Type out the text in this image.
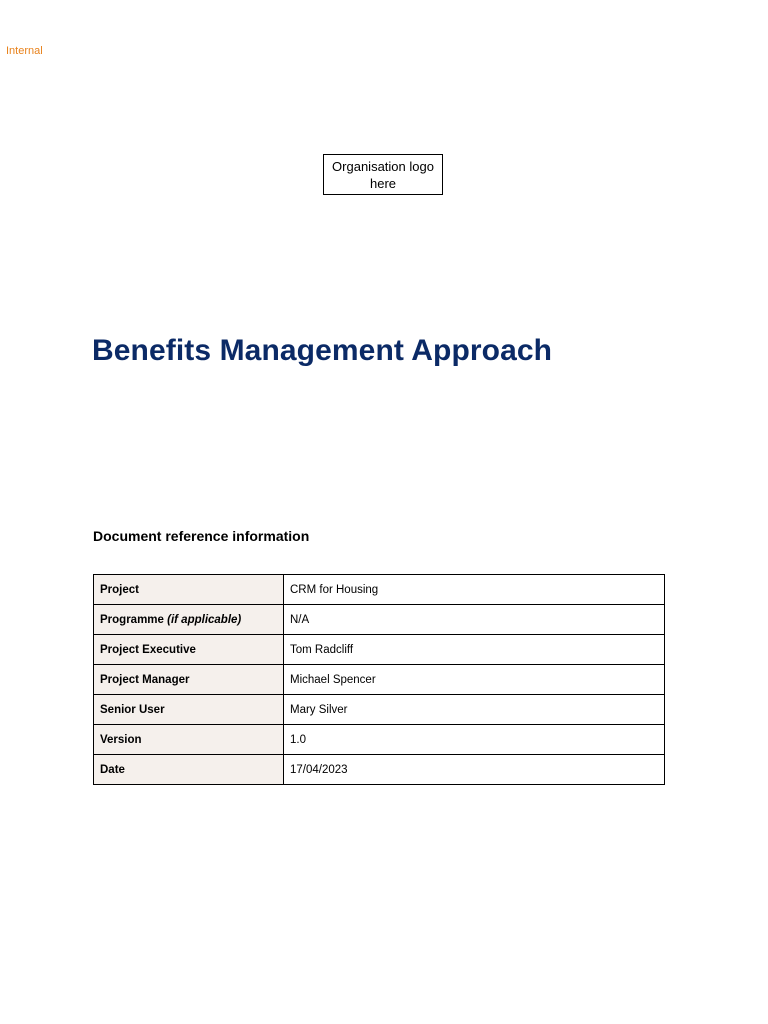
Internal
Organisation logo here
Benefits Management Approach
Document reference information
Project	CRM for Housing
Programme (if applicable)	N/A
Project Executive	Tom Radcliff
Project Manager	Michael Spencer
Senior User	Mary Silver
Version	1.0
Date	17/04/2023
